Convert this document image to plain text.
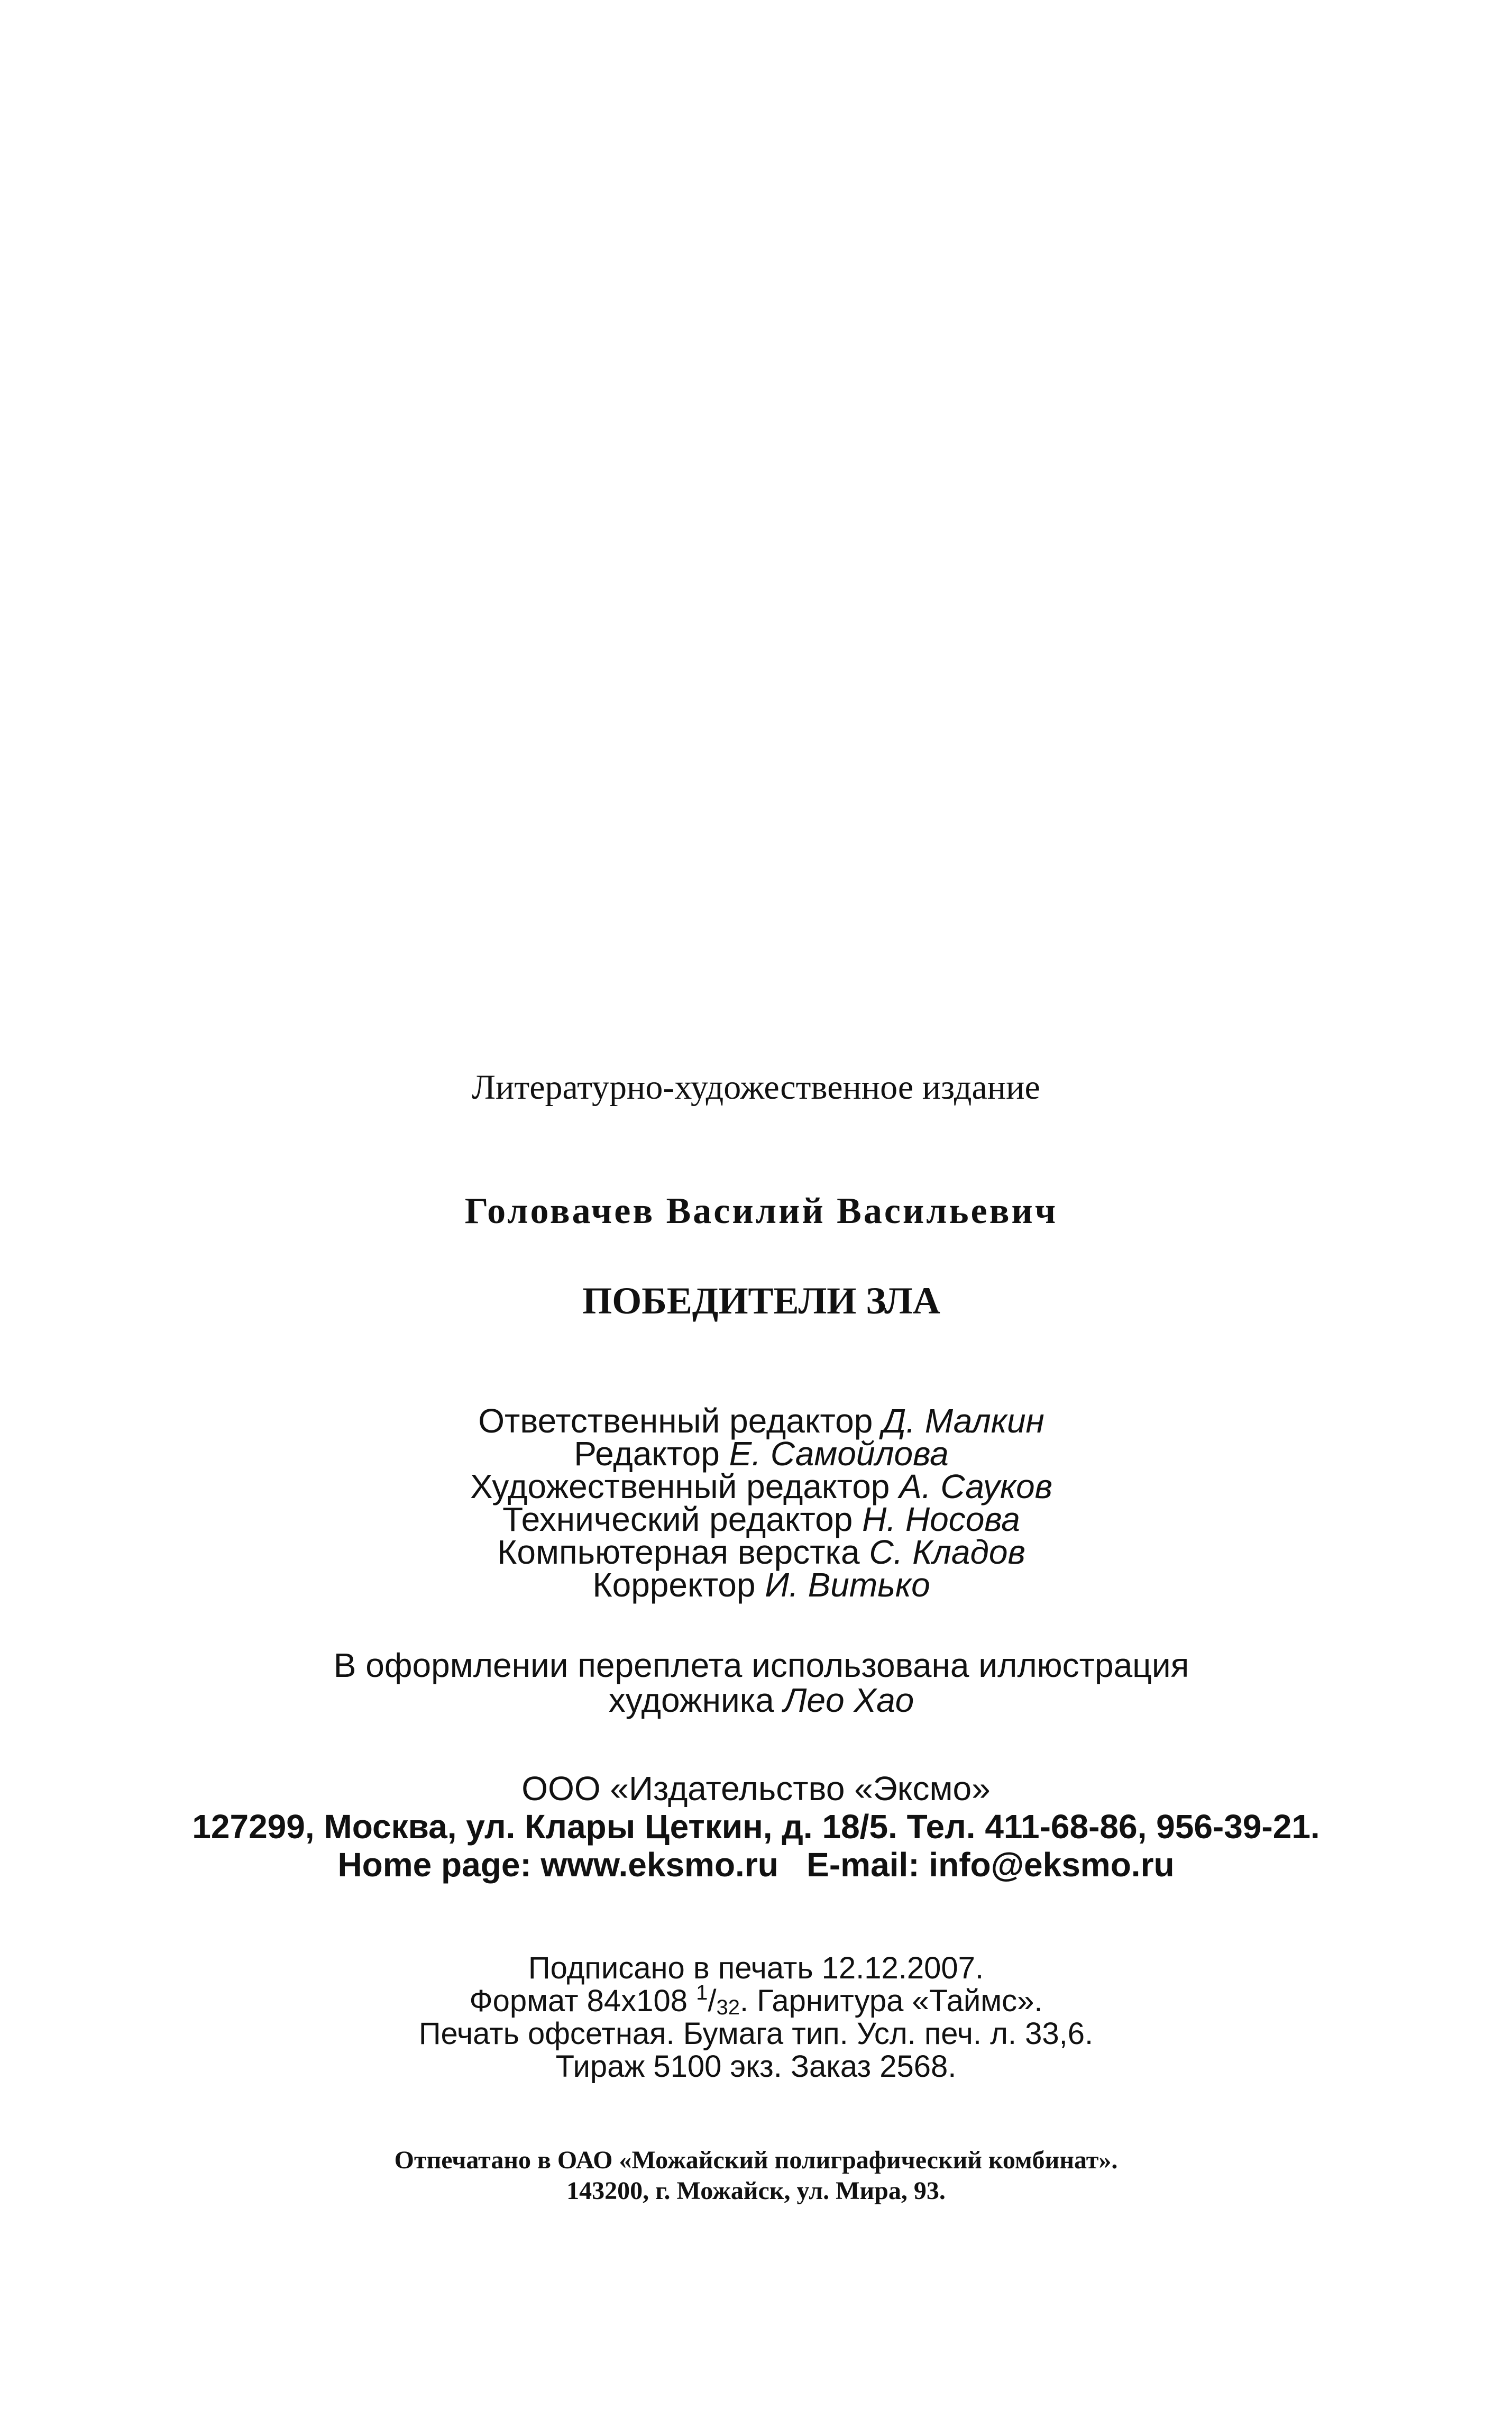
Литературно-художественное издание
Головачев Василий Васильевич
ПОБЕДИТЕЛИ ЗЛА
Ответственный редактор Д. Малкин
Редактор Е. Самойлова
Художественный редактор А. Сауков
Технический редактор Н. Носова
Компьютерная верстка С. Кладов
Корректор И. Витько
В оформлении переплета использована иллюстрация
художника Лео Хао
ООО «Издательство «Эксмо»
127299, Москва, ул. Клары Цеткин, д. 18/5. Тел. 411-68-86, 956-39-21.
Home page: www.eksmo.ru E-mail: info@eksmo.ru
Подписано в печать 12.12.2007.
Формат 84x108 $^1/_{32}$. Гарнитура «Таймс».
Печать офсетная. Бумага тип. Усл. печ. л. 33,6.
Тираж 5100 экз. Заказ 2568.
Отпечатано в ОАО «Можайский полиграфический комбинат».
143200, г. Можайск, ул. Мира, 93.
